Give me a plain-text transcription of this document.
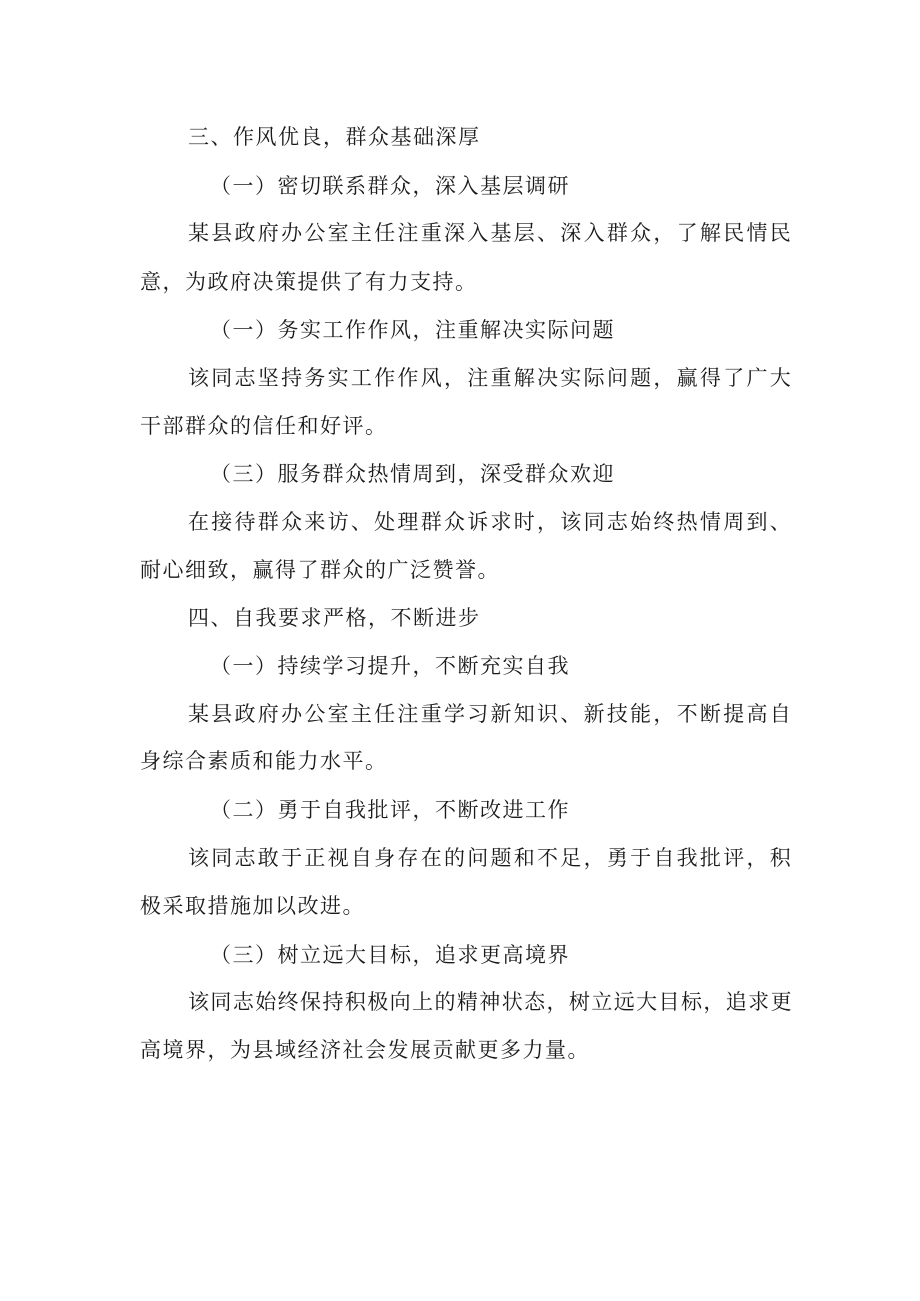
三、作风优良，群众基础深厚
（一）密切联系群众，深入基层调研
某县政府办公室主任注重深入基层、深入群众，了解民情民
意，为政府决策提供了有力支持。
（一）务实工作作风，注重解决实际问题
该同志坚持务实工作作风，注重解决实际问题，赢得了广大
干部群众的信任和好评。
（三）服务群众热情周到，深受群众欢迎
在接待群众来访、处理群众诉求时，该同志始终热情周到、
耐心细致，赢得了群众的广泛赞誉。
四、自我要求严格，不断进步
（一）持续学习提升，不断充实自我
某县政府办公室主任注重学习新知识、新技能，不断提高自
身综合素质和能力水平。
（二）勇于自我批评，不断改进工作
该同志敢于正视自身存在的问题和不足，勇于自我批评，积
极采取措施加以改进。
（三）树立远大目标，追求更高境界
该同志始终保持积极向上的精神状态，树立远大目标，追求更
高境界，为县域经济社会发展贡献更多力量。
